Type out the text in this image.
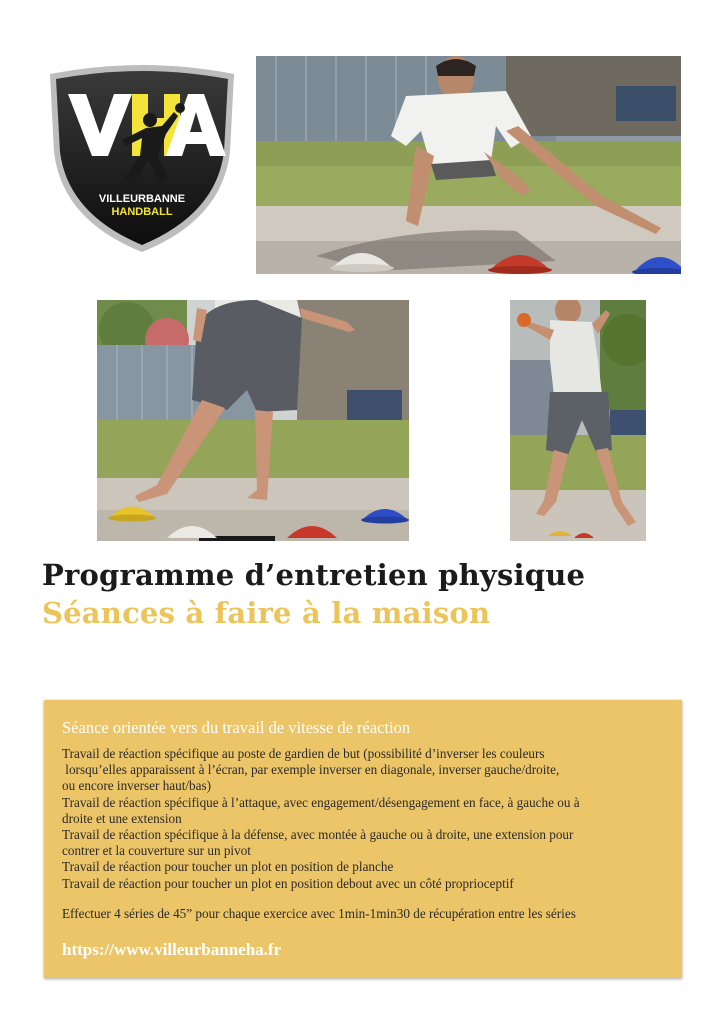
VILLEURBANNE
HANDBALL
Programme d’entretien physique
Séances à faire à la maison
Séance orientée vers du travail de vitesse de réaction
Travail de réaction spécifique au poste de gardien de but (possibilité d’inverser les couleurs
lorsqu’elles apparaissent à l’écran, par exemple inverser en diagonale, inverser gauche/droite,
ou encore inverser haut/bas)
Travail de réaction spécifique à l’attaque, avec engagement/désengagement en face, à gauche ou à
droite et une extension
Travail de réaction spécifique à la défense, avec montée à gauche ou à droite, une extension pour
contrer et la couverture sur un pivot
Travail de réaction pour toucher un plot en position de planche
Travail de réaction pour toucher un plot en position debout avec un côté proprioceptif

Effectuer 4 séries de 45” pour chaque exercice avec 1min-1min30 de récupération entre les séries

https://www.villeurbanneha.fr
